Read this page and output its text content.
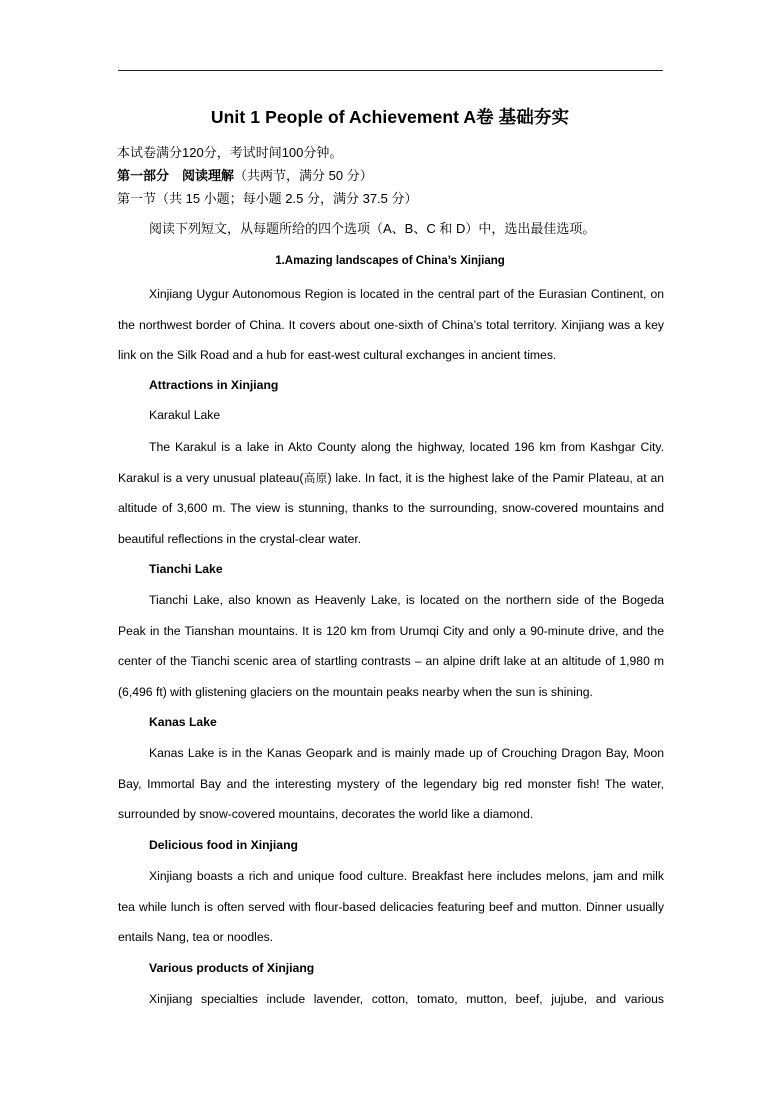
Unit 1 People of Achievement A卷 基础夯实
本试卷满分120分，考试时间100分钟。
第一部分　阅读理解（共两节，满分 50 分）
第一节（共 15 小题；每小题 2.5 分，满分 37.5 分）
阅读下列短文，从每题所给的四个选项（A、B、C 和 D）中，选出最佳选项。
1.Amazing landscapes of China’s Xinjiang

Xinjiang Uygur Autonomous Region is located in the central part of the Eurasian Continent, on the northwest border of China. It covers about one-sixth of China’s total territory. Xinjiang was a key link on the Silk Road and a hub for east-west cultural exchanges in ancient times.

Attractions in Xinjiang
Karakul Lake

The Karakul is a lake in Akto County along the highway, located 196 km from Kashgar City. Karakul is a very unusual plateau(高原) lake. In fact, it is the highest lake of the Pamir Plateau, at an altitude of 3,600 m. The view is stunning, thanks to the surrounding, snow-covered mountains and beautiful reflections in the crystal-clear water.

Tianchi Lake

Tianchi Lake, also known as Heavenly Lake, is located on the northern side of the Bogeda Peak in the Tianshan mountains. It is 120 km from Urumqi City and only a 90-minute drive, and the center of the Tianchi scenic area of startling contrasts – an alpine drift lake at an altitude of 1,980 m (6,496 ft) with glistening glaciers on the mountain peaks nearby when the sun is shining.

Kanas Lake

Kanas Lake is in the Kanas Geopark and is mainly made up of Crouching Dragon Bay, Moon Bay, Immortal Bay and the interesting mystery of the legendary big red monster fish! The water, surrounded by snow-covered mountains, decorates the world like a diamond.

Delicious food in Xinjiang

Xinjiang boasts a rich and unique food culture. Breakfast here includes melons, jam and milk tea while lunch is often served with flour-based delicacies featuring beef and mutton. Dinner usually entails Nang, tea or noodles.

Various products of Xinjiang

Xinjiang specialties include lavender, cotton, tomato, mutton, beef, jujube, and various
